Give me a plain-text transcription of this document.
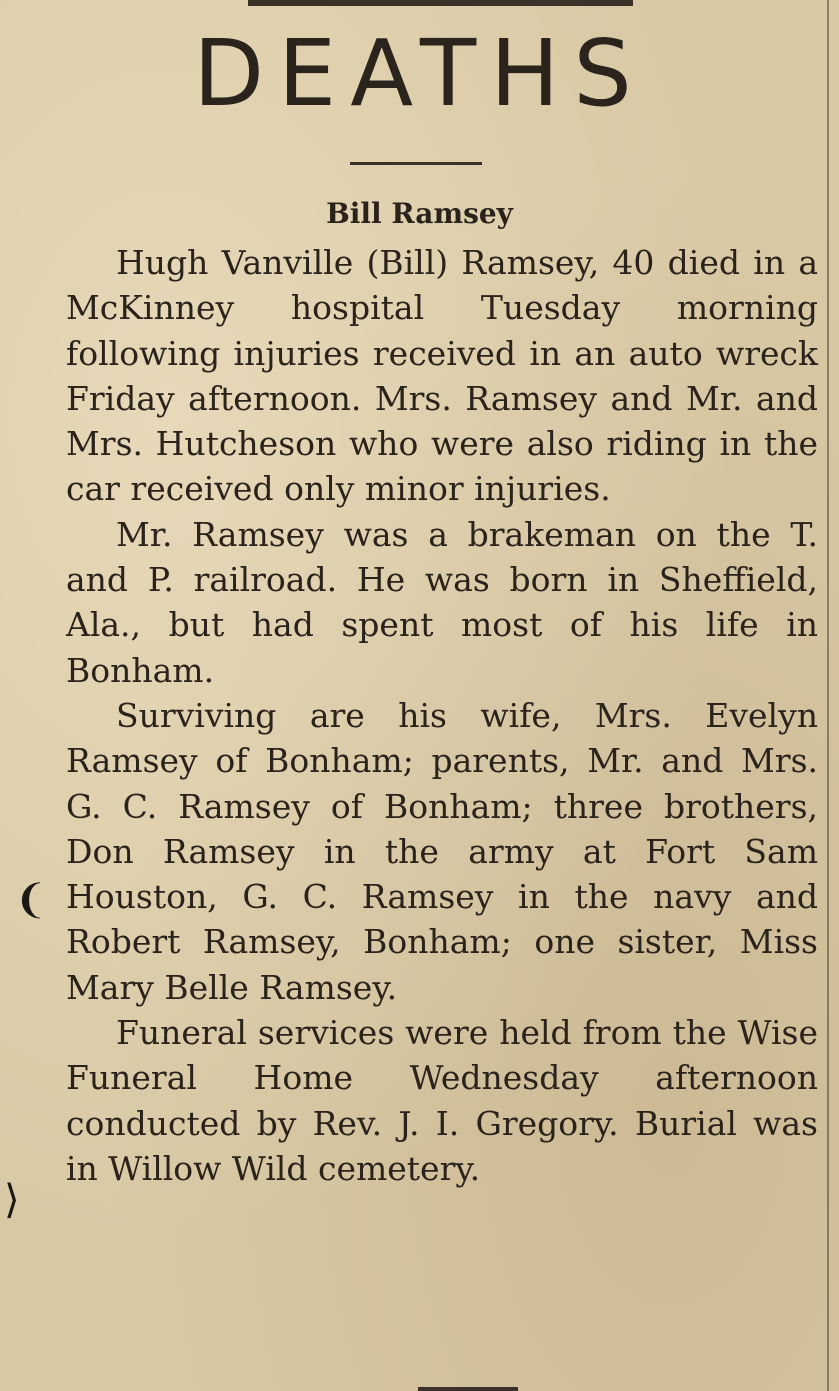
DEATHS
Bill Ramsey

Hugh Vanville (Bill) Ramsey, 40 died in a McKinney hospital Tuesday morning following injuries received in an auto wreck Friday afternoon. Mrs. Ramsey and Mr. and Mrs. Hutcheson who were also riding in the car received only minor injuries.

Mr. Ramsey was a brakeman on the T. and P. railroad. He was born in Sheffield, Ala., but had spent most of his life in Bonham.

Surviving are his wife, Mrs. Evelyn Ramsey of Bonham; parents, Mr. and Mrs. G. C. Ramsey of Bonham; three brothers, Don Ramsey in the army at Fort Sam Houston, G. C. Ramsey in the navy and Robert Ramsey, Bonham; one sister, Miss Mary Belle Ramsey.

Funeral services were held from the Wise Funeral Home Wednesday afternoon conducted by Rev. J. I. Gregory. Burial was in Willow Wild cemetery.

❨
⟩
